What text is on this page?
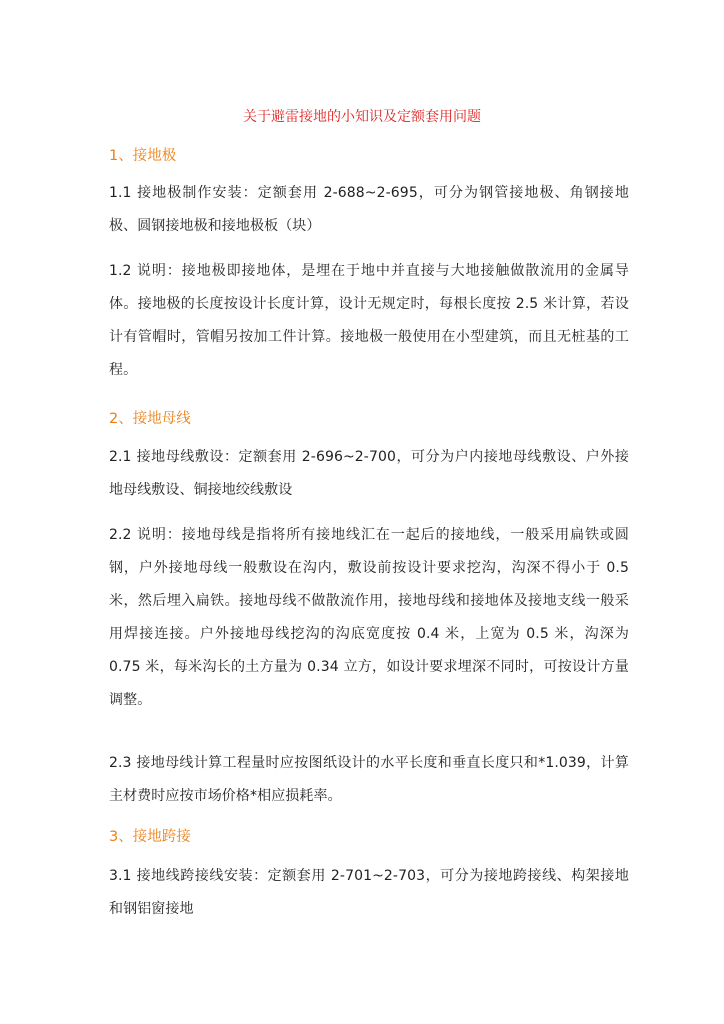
关于避雷接地的小知识及定额套用问题
1、接地极
1.1 接地极制作安装：定额套用 2-688~2-695，可分为钢管接地极、角钢接地极、圆钢接地极和接地极板（块）
1.2 说明：接地极即接地体，是埋在于地中并直接与大地接触做散流用的金属导体。接地极的长度按设计长度计算，设计无规定时，每根长度按 2.5 米计算，若设计有管帽时，管帽另按加工件计算。接地极一般使用在小型建筑，而且无桩基的工程。
2、接地母线
2.1 接地母线敷设：定额套用 2-696~2-700，可分为户内接地母线敷设、户外接地母线敷设、铜接地绞线敷设
2.2 说明：接地母线是指将所有接地线汇在一起后的接地线，一般采用扁铁或圆钢，户外接地母线一般敷设在沟内，敷设前按设计要求挖沟，沟深不得小于 0.5 米，然后埋入扁铁。接地母线不做散流作用，接地母线和接地体及接地支线一般采用焊接连接。户外接地母线挖沟的沟底宽度按 0.4 米，上宽为 0.5 米，沟深为 0.75 米，每米沟长的土方量为 0.34 立方，如设计要求埋深不同时，可按设计方量调整。
2.3 接地母线计算工程量时应按图纸设计的水平长度和垂直长度只和*1.039，计算主材费时应按市场价格*相应损耗率。
3、接地跨接
3.1 接地线跨接线安装：定额套用 2-701~2-703，可分为接地跨接线、构架接地和钢铝窗接地
